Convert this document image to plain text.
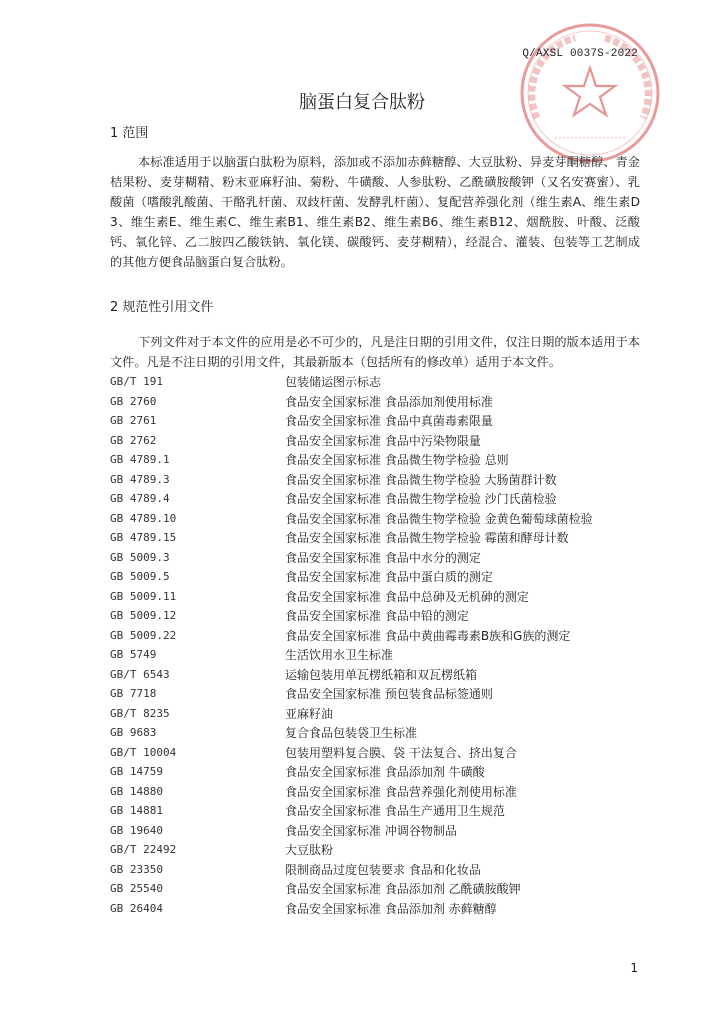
Q/AXSL 0037S-2022
脑蛋白复合肽粉
1 范围
本标准适用于以脑蛋白肽粉为原料，添加或不添加赤藓糖醇、大豆肽粉、异麦芽酮糖醇、青金桔果粉、麦芽糊精、粉末亚麻籽油、菊粉、牛磺酸、人参肽粉、乙酰磺胺酸钾（又名安赛蜜）、乳酸菌（嗜酸乳酸菌、干酪乳杆菌、双歧杆菌、发酵乳杆菌）、复配营养强化剂（维生素A、维生素D3、维生素E、维生素C、维生素B1、维生素B2、维生素B6、维生素B12、烟酰胺、叶酸、泛酸钙、氧化锌、乙二胺四乙酸铁钠、氧化镁、碳酸钙、麦芽糊精），经混合、灌装、包装等工艺制成的其他方便食品脑蛋白复合肽粉。
2 规范性引用文件
下列文件对于本文件的应用是必不可少的，凡是注日期的引用文件，仅注日期的版本适用于本文件。凡是不注日期的引用文件，其最新版本（包括所有的修改单）适用于本文件。
GB/T 191	包装储运图示标志
GB 2760	食品安全国家标准 食品添加剂使用标准
GB 2761	食品安全国家标准 食品中真菌毒素限量
GB 2762	食品安全国家标准 食品中污染物限量
GB 4789.1	食品安全国家标准 食品微生物学检验 总则
GB 4789.3	食品安全国家标准 食品微生物学检验 大肠菌群计数
GB 4789.4	食品安全国家标准 食品微生物学检验 沙门氏菌检验
GB 4789.10	食品安全国家标准 食品微生物学检验 金黄色葡萄球菌检验
GB 4789.15	食品安全国家标准 食品微生物学检验 霉菌和酵母计数
GB 5009.3	食品安全国家标准 食品中水分的测定
GB 5009.5	食品安全国家标准 食品中蛋白质的测定
GB 5009.11	食品安全国家标准 食品中总砷及无机砷的测定
GB 5009.12	食品安全国家标准 食品中铅的测定
GB 5009.22	食品安全国家标准 食品中黄曲霉毒素B族和G族的测定
GB 5749	生活饮用水卫生标准
GB/T 6543	运输包装用单瓦楞纸箱和双瓦楞纸箱
GB 7718	食品安全国家标准 预包装食品标签通则
GB/T 8235	亚麻籽油
GB 9683	复合食品包装袋卫生标准
GB/T 10004	包装用塑料复合膜、袋 干法复合、挤出复合
GB 14759	食品安全国家标准 食品添加剂 牛磺酸
GB 14880	食品安全国家标准 食品营养强化剂使用标准
GB 14881	食品安全国家标准 食品生产通用卫生规范
GB 19640	食品安全国家标准 冲调谷物制品
GB/T 22492	大豆肽粉
GB 23350	限制商品过度包装要求 食品和化妆品
GB 25540	食品安全国家标准 食品添加剂 乙酰磺胺酸钾
GB 26404	食品安全国家标准 食品添加剂 赤藓糖醇
1
